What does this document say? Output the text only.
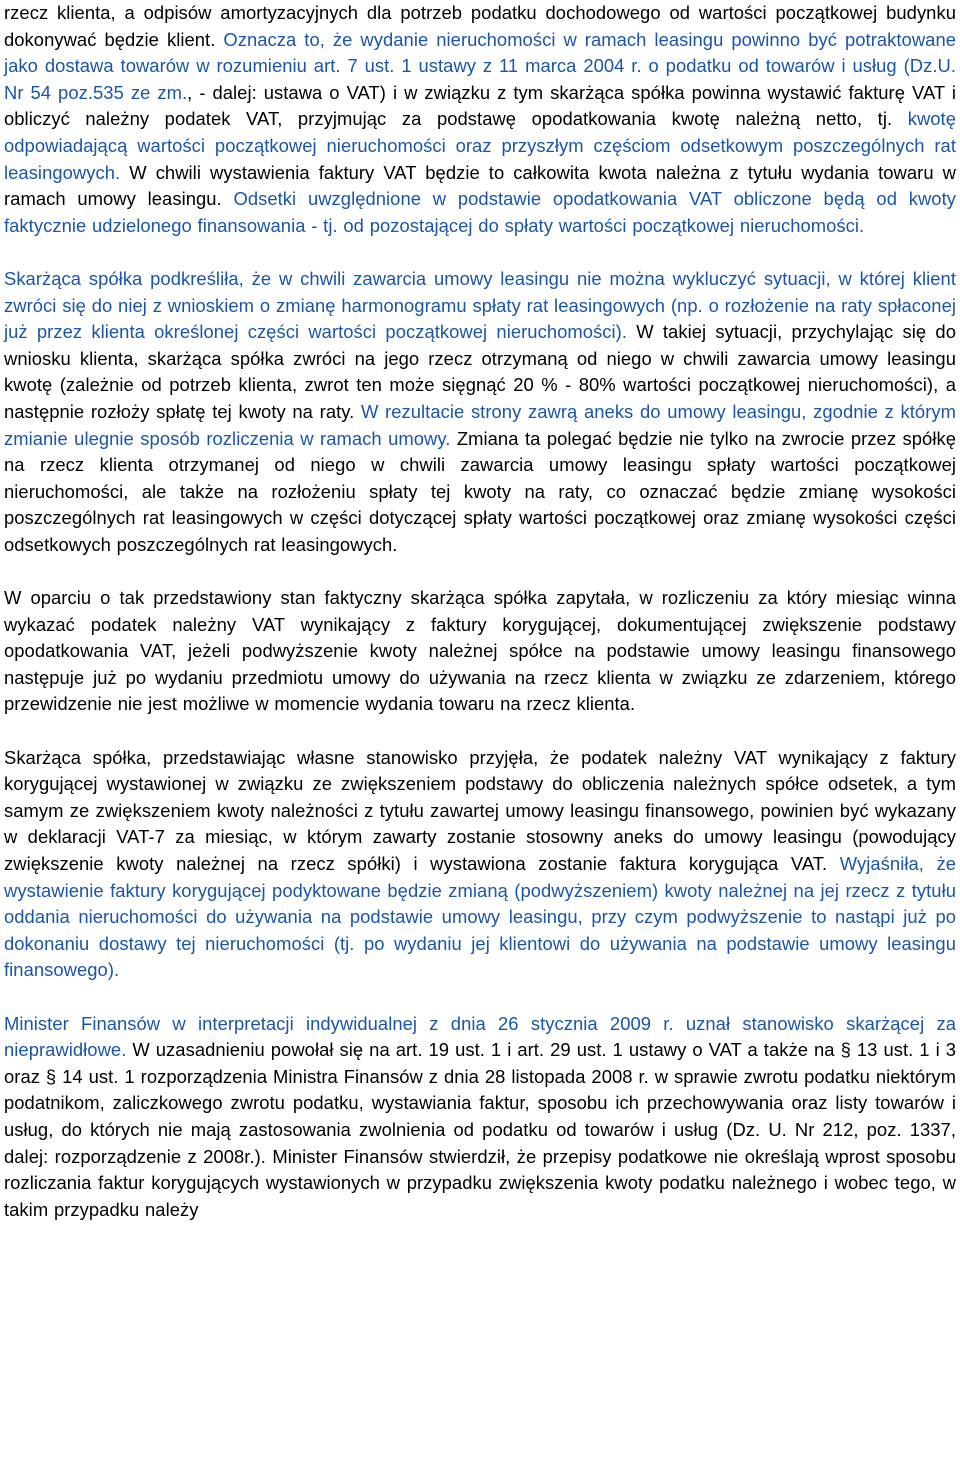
rzecz klienta, a odpisów amortyzacyjnych dla potrzeb podatku dochodowego od wartości początkowej budynku dokonywać będzie klient. Oznacza to, że wydanie nieruchomości w ramach leasingu powinno być potraktowane jako dostawa towarów w rozumieniu art. 7 ust. 1 ustawy z 11 marca 2004 r. o podatku od towarów i usług (Dz.U. Nr 54 poz.535 ze zm., - dalej: ustawa o VAT) i w związku z tym skarżąca spółka powinna wystawić fakturę VAT i obliczyć należny podatek VAT, przyjmując za podstawę opodatkowania kwotę należną netto, tj. kwotę odpowiadającą wartości początkowej nieruchomości oraz przyszłym częściom odsetkowym poszczególnych rat leasingowych. W chwili wystawienia faktury VAT będzie to całkowita kwota należna z tytułu wydania towaru w ramach umowy leasingu. Odsetki uwzględnione w podstawie opodatkowania VAT obliczone będą od kwoty faktycznie udzielonego finansowania - tj. od pozostającej do spłaty wartości początkowej nieruchomości.

Skarżąca spółka podkreśliła, że w chwili zawarcia umowy leasingu nie można wykluczyć sytuacji, w której klient zwróci się do niej z wnioskiem o zmianę harmonogramu spłaty rat leasingowych (np. o rozłożenie na raty spłaconej już przez klienta określonej części wartości początkowej nieruchomości). W takiej sytuacji, przychylając się do wniosku klienta, skarżąca spółka zwróci na jego rzecz otrzymaną od niego w chwili zawarcia umowy leasingu kwotę (zależnie od potrzeb klienta, zwrot ten może sięgnąć 20 % - 80% wartości początkowej nieruchomości), a następnie rozłoży spłatę tej kwoty na raty. W rezultacie strony zawrą aneks do umowy leasingu, zgodnie z którym zmianie ulegnie sposób rozliczenia w ramach umowy. Zmiana ta polegać będzie nie tylko na zwrocie przez spółkę na rzecz klienta otrzymanej od niego w chwili zawarcia umowy leasingu spłaty wartości początkowej nieruchomości, ale także na rozłożeniu spłaty tej kwoty na raty, co oznaczać będzie zmianę wysokości poszczególnych rat leasingowych w części dotyczącej spłaty wartości początkowej oraz zmianę wysokości części odsetkowych poszczególnych rat leasingowych.

W oparciu o tak przedstawiony stan faktyczny skarżąca spółka zapytała, w rozliczeniu za który miesiąc winna wykazać podatek należny VAT wynikający z faktury korygującej, dokumentującej zwiększenie podstawy opodatkowania VAT, jeżeli podwyższenie kwoty należnej spółce na podstawie umowy leasingu finansowego następuje już po wydaniu przedmiotu umowy do używania na rzecz klienta w związku ze zdarzeniem, którego przewidzenie nie jest możliwe w momencie wydania towaru na rzecz klienta.

Skarżąca spółka, przedstawiając własne stanowisko przyjęła, że podatek należny VAT wynikający z faktury korygującej wystawionej w związku ze zwiększeniem podstawy do obliczenia należnych spółce odsetek, a tym samym ze zwiększeniem kwoty należności z tytułu zawartej umowy leasingu finansowego, powinien być wykazany w deklaracji VAT-7 za miesiąc, w którym zawarty zostanie stosowny aneks do umowy leasingu (powodujący zwiększenie kwoty należnej na rzecz spółki) i wystawiona zostanie faktura korygująca VAT. Wyjaśniła, że wystawienie faktury korygującej podyktowane będzie zmianą (podwyższeniem) kwoty należnej na jej rzecz z tytułu oddania nieruchomości do używania na podstawie umowy leasingu, przy czym podwyższenie to nastąpi już po dokonaniu dostawy tej nieruchomości (tj. po wydaniu jej klientowi do używania na podstawie umowy leasingu finansowego).

Minister Finansów w interpretacji indywidualnej z dnia 26 stycznia 2009 r. uznał stanowisko skarżącej za nieprawidłowe. W uzasadnieniu powołał się na art. 19 ust. 1 i art. 29 ust. 1 ustawy o VAT a także na § 13 ust. 1 i 3 oraz § 14 ust. 1 rozporządzenia Ministra Finansów z dnia 28 listopada 2008 r. w sprawie zwrotu podatku niektórym podatnikom, zaliczkowego zwrotu podatku, wystawiania faktur, sposobu ich przechowywania oraz listy towarów i usług, do których nie mają zastosowania zwolnienia od podatku od towarów i usług (Dz. U. Nr 212, poz. 1337, dalej: rozporządzenie z 2008r.). Minister Finansów stwierdził, że przepisy podatkowe nie określają wprost sposobu rozliczania faktur korygujących wystawionych w przypadku zwiększenia kwoty podatku należnego i wobec tego, w takim przypadku należy
